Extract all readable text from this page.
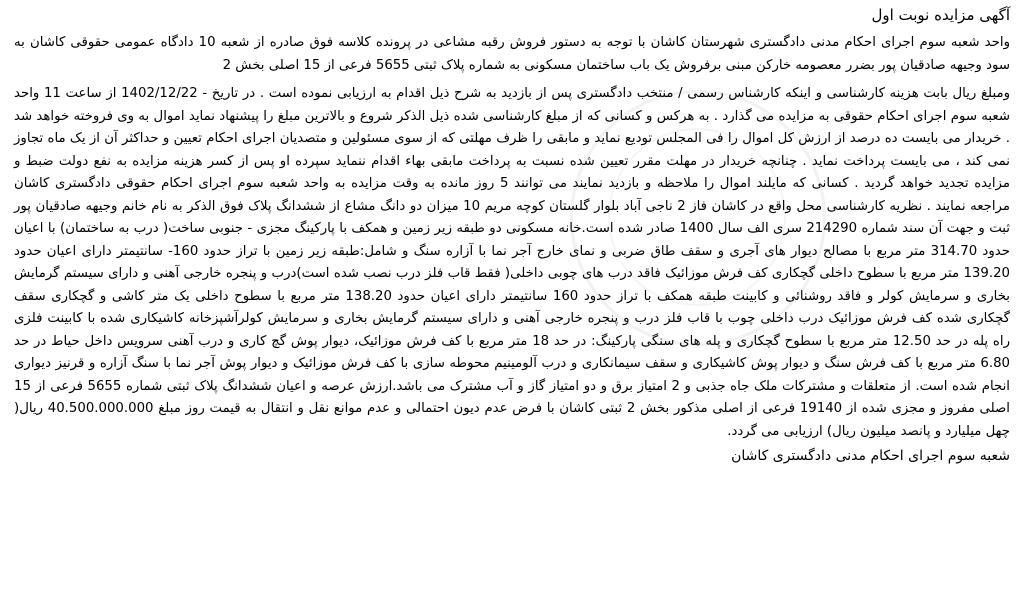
آگهی مزایده نوبت اول

واحد شعبه سوم اجرای احکام مدنی دادگستری شهرستان کاشان با توجه به دستور فروش رقبه مشاعی در پرونده کلاسه فوق صادره از شعبه 10 دادگاه عمومی حقوقی کاشان به سود وجیهه صادقیان پور بضرر معصومه خارکن مبنی برفروش یک باب ساختمان مسکونی به شماره پلاک ثبتی 5655 فرعی از 15 اصلی بخش 2

ومبلغ ریال بابت هزینه کارشناسی و اینکه کارشناس رسمی / منتخب دادگستری پس از بازدید به شرح ذیل اقدام به ارزیابی نموده است . در تاریخ - 1402/12/22 از ساعت 11 واحد شعبه سوم اجرای احکام حقوقی به مزایده می گذارد . به هرکس و کسانی که از مبلغ کارشناسی شده ذیل الذکر شروع و بالاترین مبلغ را پیشنهاد نماید اموال به وی فروخته خواهد شد . خریدار می بایست ده درصد از ارزش کل اموال را فی المجلس تودیع نماید و مابقی را ظرف مهلتی که از سوی مسئولین و متصدیان اجرای احکام تعیین و حداکثر آن از یک ماه تجاوز نمی کند ، می بایست پرداخت نماید . چنانچه خریدار در مهلت مقرر تعیین شده نسبت به پرداخت مابقی بهاء اقدام ننماید سپرده او پس از کسر هزینه مزایده به نفع دولت ضبط و مزایده تجدید خواهد گردید . کسانی که مایلند اموال را ملاحظه و بازدید نمایند می توانند 5 روز مانده به وقت مزایده به واحد شعبه سوم اجرای احکام حقوقی دادگستری کاشان مراجعه نمایند . نظریه کارشناسی محل واقع در کاشان فاز 2 ناجی آباد بلوار گلستان کوچه مریم 10 میزان دو دانگ مشاع از ششدانگ پلاک فوق الذکر به نام خانم وجیهه صادقیان پور ثبت و جهت آن سند شماره 214290 سری الف سال 1400 صادر شده است.خانه مسکونی دو طبقه زیر زمین و همکف با پارکینگ مجزی - جنوبی ساخت( درب به ساختمان) با اعیان حدود 314.70 متر مربع با مصالح دیوار های آجری و سقف طاق ضربی و نمای خارج آجر نما با آزاره سنگ و شامل:طبقه زیر زمین با تراز حدود 160- سانتیمتر دارای اعیان حدود 139.20 متر مربع با سطوح داخلی گچکاری کف فرش موزائیک فاقد درب های چوبی داخلی( فقط قاب فلز درب نصب شده است)درب و پنجره خارجی آهنی و دارای سیستم گرمایش بخاری و سرمایش کولر و فاقد روشنائی و کابینت طبقه همکف با تراز حدود 160 سانتیمتر دارای اعیان حدود 138.20 متر مربع با سطوح داخلی یک متر کاشی و گچکاری سقف گچکاری شده کف فرش موزائیک درب داخلی چوب با قاب فلز درب و پنجره خارجی آهنی و دارای سیستم گرمایش بخاری و سرمایش کولرآشپزخانه کاشیکاری شده با کابینت فلزی راه پله در حد 12.50 متر مربع با سطوح گچکاری و پله های سنگی پارکینگ: در حد 18 متر مربع با کف فرش موزائیک، دیوار پوش گچ کاری و درب آهنی سرویس داخل حیاط در حد 6.80 متر مربع با کف فرش سنگ و دیوار پوش کاشیکاری و سقف سیمانکاری و درب آلومینیم محوطه سازی با کف فرش موزائیک و دیوار پوش آجر نما با سنگ آزاره و قرنیز دیواری انجام شده است. از متعلقات و مشترکات ملک جاه جذبی و 2 امتیاز برق و دو امتیاز گاز و آب مشترک می باشد.ارزش عرصه و اعیان ششدانگ پلاک ثبتی شماره 5655 فرعی از 15 اصلی مفروز و مجزی شده از 19140 فرعی از اصلی مذکور بخش 2 ثبتی کاشان با فرض عدم دیون احتمالی و عدم موانع نقل و انتقال به قیمت روز مبلغ 40.500.000.000 ریال( چهل میلیارد و پانصد میلیون ریال) ارزیابی می گردد.

شعبه سوم اجرای احکام مدنی دادگستری کاشان
